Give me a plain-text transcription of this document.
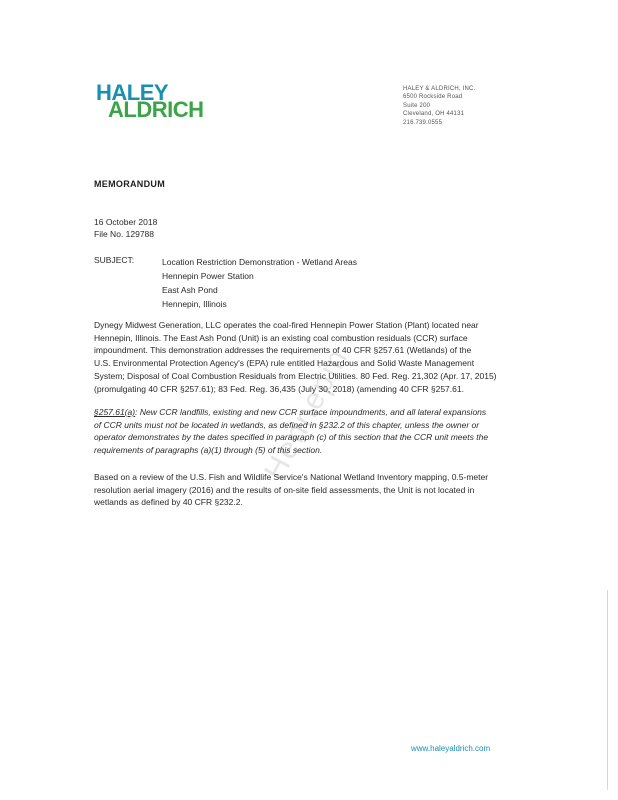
HALEY
ALDRICH
HALEY & ALDRICH, INC.
6500 Rockside Road
Suite 200
Cleveland, OH 44131
216.739.0555
Hennepin
MEMORANDUM
16 October 2018
File No. 129788
SUBJECT:	Location Restriction Demonstration - Wetland Areas
Hennepin Power Station
East Ash Pond
Hennepin, Illinois
Dynegy Midwest Generation, LLC operates the coal-fired Hennepin Power Station (Plant) located near
Hennepin, Illinois. The East Ash Pond (Unit) is an existing coal combustion residuals (CCR) surface
impoundment. This demonstration addresses the requirements of 40 CFR §257.61 (Wetlands) of the
U.S. Environmental Protection Agency's (EPA) rule entitled Hazardous and Solid Waste Management
System; Disposal of Coal Combustion Residuals from Electric Utilities. 80 Fed. Reg. 21,302 (Apr. 17, 2015)
(promulgating 40 CFR §257.61); 83 Fed. Reg. 36,435 (July 30, 2018) (amending 40 CFR §257.61.
§257.61(a): New CCR landfills, existing and new CCR surface impoundments, and all lateral expansions
of CCR units must not be located in wetlands, as defined in §232.2 of this chapter, unless the owner or
operator demonstrates by the dates specified in paragraph (c) of this section that the CCR unit meets the
requirements of paragraphs (a)(1) through (5) of this section.
Based on a review of the U.S. Fish and Wildlife Service's National Wetland Inventory mapping, 0.5-meter
resolution aerial imagery (2016) and the results of on-site field assessments, the Unit is not located in
wetlands as defined by 40 CFR §232.2.
www.haleyaldrich.com
